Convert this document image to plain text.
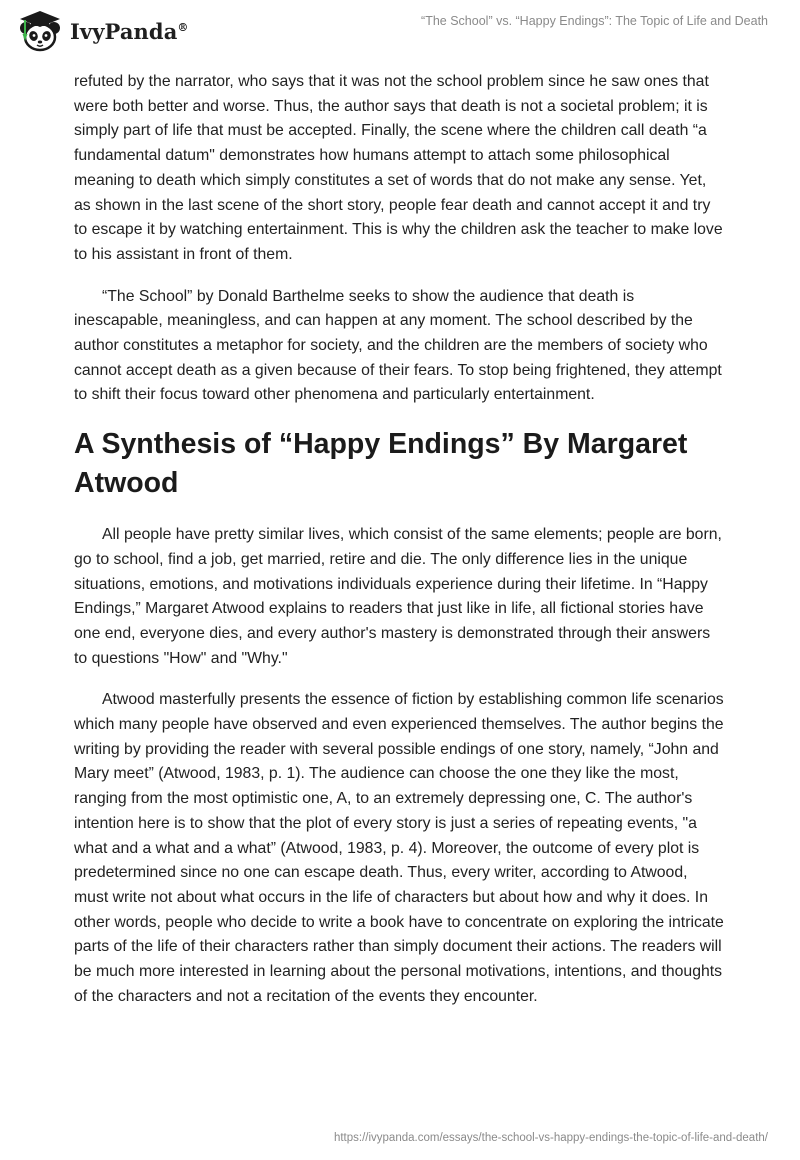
IvyPanda®	“The School” vs. “Happy Endings”: The Topic of Life and Death

refuted by the narrator, who says that it was not the school problem since he saw ones that were both better and worse. Thus, the author says that death is not a societal problem; it is simply part of life that must be accepted. Finally, the scene where the children call death “a fundamental datum" demonstrates how humans attempt to attach some philosophical meaning to death which simply constitutes a set of words that do not make any sense. Yet, as shown in the last scene of the short story, people fear death and cannot accept it and try to escape it by watching entertainment. This is why the children ask the teacher to make love to his assistant in front of them.

“The School” by Donald Barthelme seeks to show the audience that death is inescapable, meaningless, and can happen at any moment. The school described by the author constitutes a metaphor for society, and the children are the members of society who cannot accept death as a given because of their fears. To stop being frightened, they attempt to shift their focus toward other phenomena and particularly entertainment.

A Synthesis of “Happy Endings” By Margaret Atwood

All people have pretty similar lives, which consist of the same elements; people are born, go to school, find a job, get married, retire and die. The only difference lies in the unique situations, emotions, and motivations individuals experience during their lifetime. In “Happy Endings,” Margaret Atwood explains to readers that just like in life, all fictional stories have one end, everyone dies, and every author's mastery is demonstrated through their answers to questions "How" and "Why."

Atwood masterfully presents the essence of fiction by establishing common life scenarios which many people have observed and even experienced themselves. The author begins the writing by providing the reader with several possible endings of one story, namely, “John and Mary meet” (Atwood, 1983, p. 1). The audience can choose the one they like the most, ranging from the most optimistic one, A, to an extremely depressing one, C. The author's intention here is to show that the plot of every story is just a series of repeating events, "a what and a what and a what” (Atwood, 1983, p. 4). Moreover, the outcome of every plot is predetermined since no one can escape death. Thus, every writer, according to Atwood, must write not about what occurs in the life of characters but about how and why it does. In other words, people who decide to write a book have to concentrate on exploring the intricate parts of the life of their characters rather than simply document their actions. The readers will be much more interested in learning about the personal motivations, intentions, and thoughts of the characters and not a recitation of the events they encounter.

https://ivypanda.com/essays/the-school-vs-happy-endings-the-topic-of-life-and-death/
